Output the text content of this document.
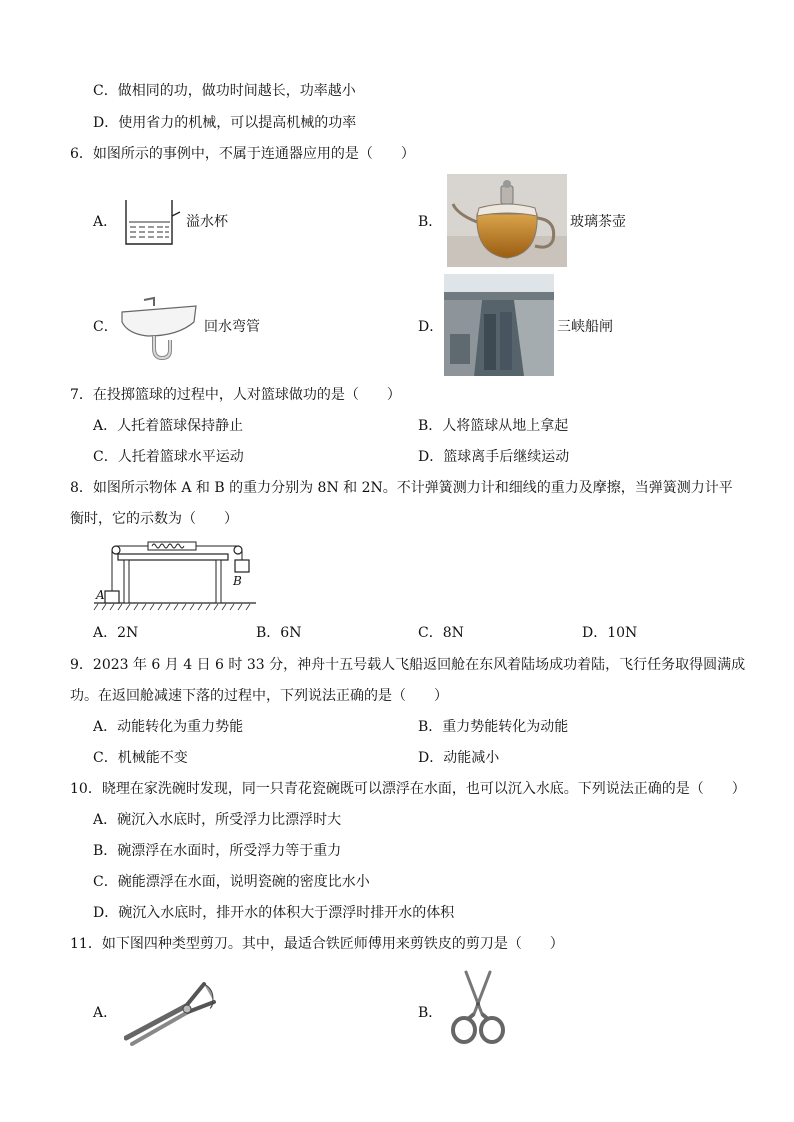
C．做相同的功，做功时间越长，功率越小
D．使用省力的机械，可以提高机械的功率
6．如图所示的事例中，不属于连通器应用的是（　　）
A．	溢水杯	B．	玻璃茶壶
C．	回水弯管	D．	三峡船闸
7．在投掷篮球的过程中，人对篮球做功的是（　　）
A．人托着篮球保持静止	B．人将篮球从地上拿起
C．人托着篮球水平运动	D．篮球离手后继续运动
8．如图所示物体 A 和 B 的重力分别为 8N 和 2N。不计弹簧测力计和细线的重力及摩擦，当弹簧测力计平
衡时，它的示数为（　　）
A
B
A．2N	B．6N	C．8N	D．10N
9．2023 年 6 月 4 日 6 时 33 分，神舟十五号载人飞船返回舱在东风着陆场成功着陆，飞行任务取得圆满成
功。在返回舱减速下落的过程中，下列说法正确的是（　　）
A．动能转化为重力势能	B．重力势能转化为动能
C．机械能不变	D．动能减小
10．晓理在家洗碗时发现，同一只青花瓷碗既可以漂浮在水面，也可以沉入水底。下列说法正确的是（　　）
A．碗沉入水底时，所受浮力比漂浮时大
B．碗漂浮在水面时，所受浮力等于重力
C．碗能漂浮在水面，说明瓷碗的密度比水小
D．碗沉入水底时，排开水的体积大于漂浮时排开水的体积
11．如下图四种类型剪刀。其中，最适合铁匠师傅用来剪铁皮的剪刀是（　　）
A．	B．
